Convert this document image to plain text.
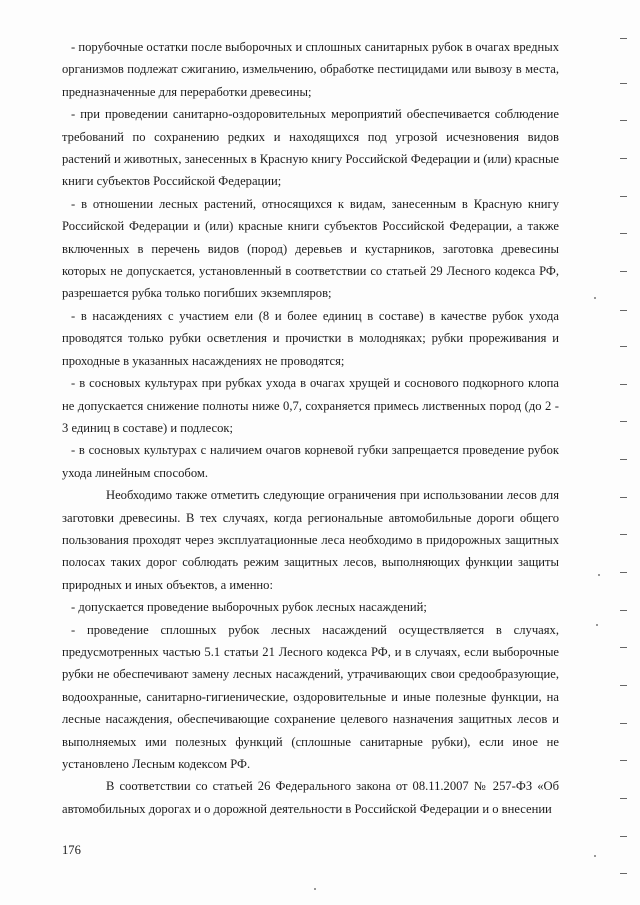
- порубочные остатки после выборочных и сплошных санитарных рубок в очагах вредных организмов подлежат сжиганию, измельчению, обработке пестицидами или вывозу в места, предназначенные для переработки древесины;

- при проведении санитарно-оздоровительных мероприятий обеспечивается соблюдение требований по сохранению редких и находящихся под угрозой исчезновения видов растений и животных, занесенных в Красную книгу Российской Федерации и (или) красные книги субъектов Российской Федерации;

- в отношении лесных растений, относящихся к видам, занесенным в Красную книгу Российской Федерации и (или) красные книги субъектов Российской Федерации, а также включенных в перечень видов (пород) деревьев и кустарников, заготовка древесины которых не допускается, установленный в соответствии со статьей 29 Лесного кодекса РФ, разрешается рубка только погибших экземпляров;

- в насаждениях с участием ели (8 и более единиц в составе) в качестве рубок ухода проводятся только рубки осветления и прочистки в молодняках; рубки прореживания и проходные в указанных насаждениях не проводятся;

- в сосновых культурах при рубках ухода в очагах хрущей и соснового подкорного клопа не допускается снижение полноты ниже 0,7, сохраняется примесь лиственных пород (до 2 - 3 единиц в составе) и подлесок;

- в сосновых культурах с наличием очагов корневой губки запрещается проведение рубок ухода линейным способом.

Необходимо также отметить следующие ограничения при использовании лесов для заготовки древесины. В тех случаях, когда региональные автомобильные дороги общего пользования проходят через эксплуатационные леса необходимо в придорожных защитных полосах таких дорог соблюдать режим защитных лесов, выполняющих функции защиты природных и иных объектов, а именно:

- допускается проведение выборочных рубок лесных насаждений;

- проведение сплошных рубок лесных насаждений осуществляется в случаях, предусмотренных частью 5.1 статьи 21 Лесного кодекса РФ, и в случаях, если выборочные рубки не обеспечивают замену лесных насаждений, утрачивающих свои средообразующие, водоохранные, санитарно-гигиенические, оздоровительные и иные полезные функции, на лесные насаждения, обеспечивающие сохранение целевого назначения защитных лесов и выполняемых ими полезных функций (сплошные санитарные рубки), если иное не установлено Лесным кодексом РФ.

В соответствии со статьей 26 Федерального закона от 08.11.2007 № 257-ФЗ «Об автомобильных дорогах и о дорожной деятельности в Российской Федерации и о внесении

176
